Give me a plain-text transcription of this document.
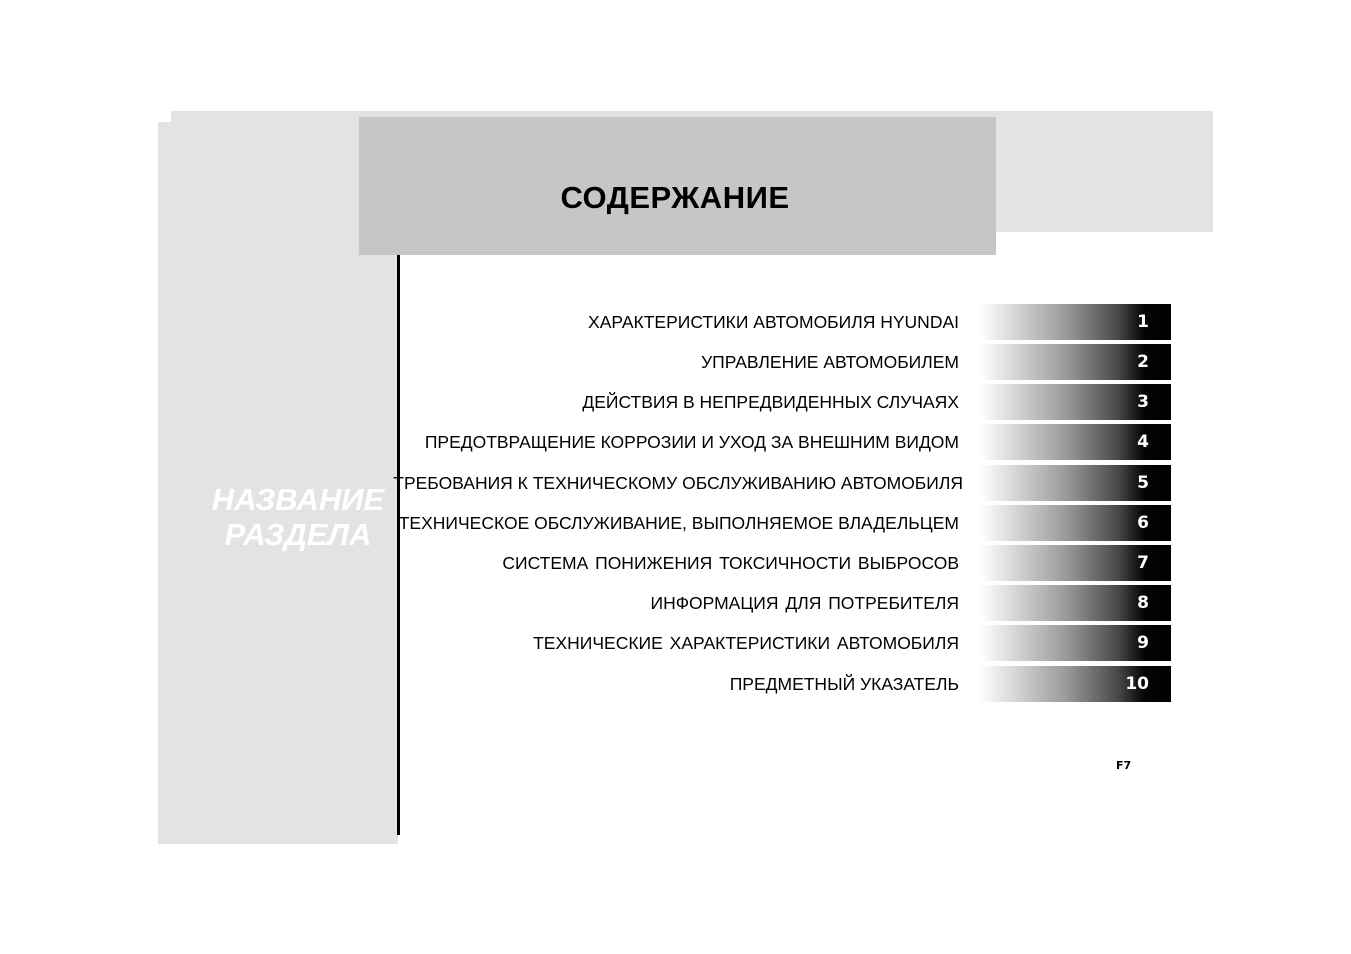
СОДЕРЖАНИЕ
НАЗВАНИЕ
РАЗДЕЛА
ХАРАКТЕРИСТИКИ АВТОМОБИЛЯ HYUNDAI	1
УПРАВЛЕНИЕ АВТОМОБИЛЕМ	2
ДЕЙСТВИЯ В НЕПРЕДВИДЕННЫХ СЛУЧАЯХ	3
ПРЕДОТВРАЩЕНИЕ КОРРОЗИИ И УХОД ЗА ВНЕШНИМ ВИДОМ	4
ТРЕБОВАНИЯ К ТЕХНИЧЕСКОМУ ОБСЛУЖИВАНИЮ АВТОМОБИЛЯ	5
ТЕХНИЧЕСКОЕ ОБСЛУЖИВАНИЕ, ВЫПОЛНЯЕМОЕ ВЛАДЕЛЬЦЕМ	6
СИСТЕМА ПОНИЖЕНИЯ ТОКСИЧНОСТИ ВЫБРОСОВ	7
ИНФОРМАЦИЯ ДЛЯ ПОТРЕБИТЕЛЯ	8
ТЕХНИЧЕСКИЕ ХАРАКТЕРИСТИКИ АВТОМОБИЛЯ	9
ПРЕДМЕТНЫЙ УКАЗАТЕЛЬ	10
F7
